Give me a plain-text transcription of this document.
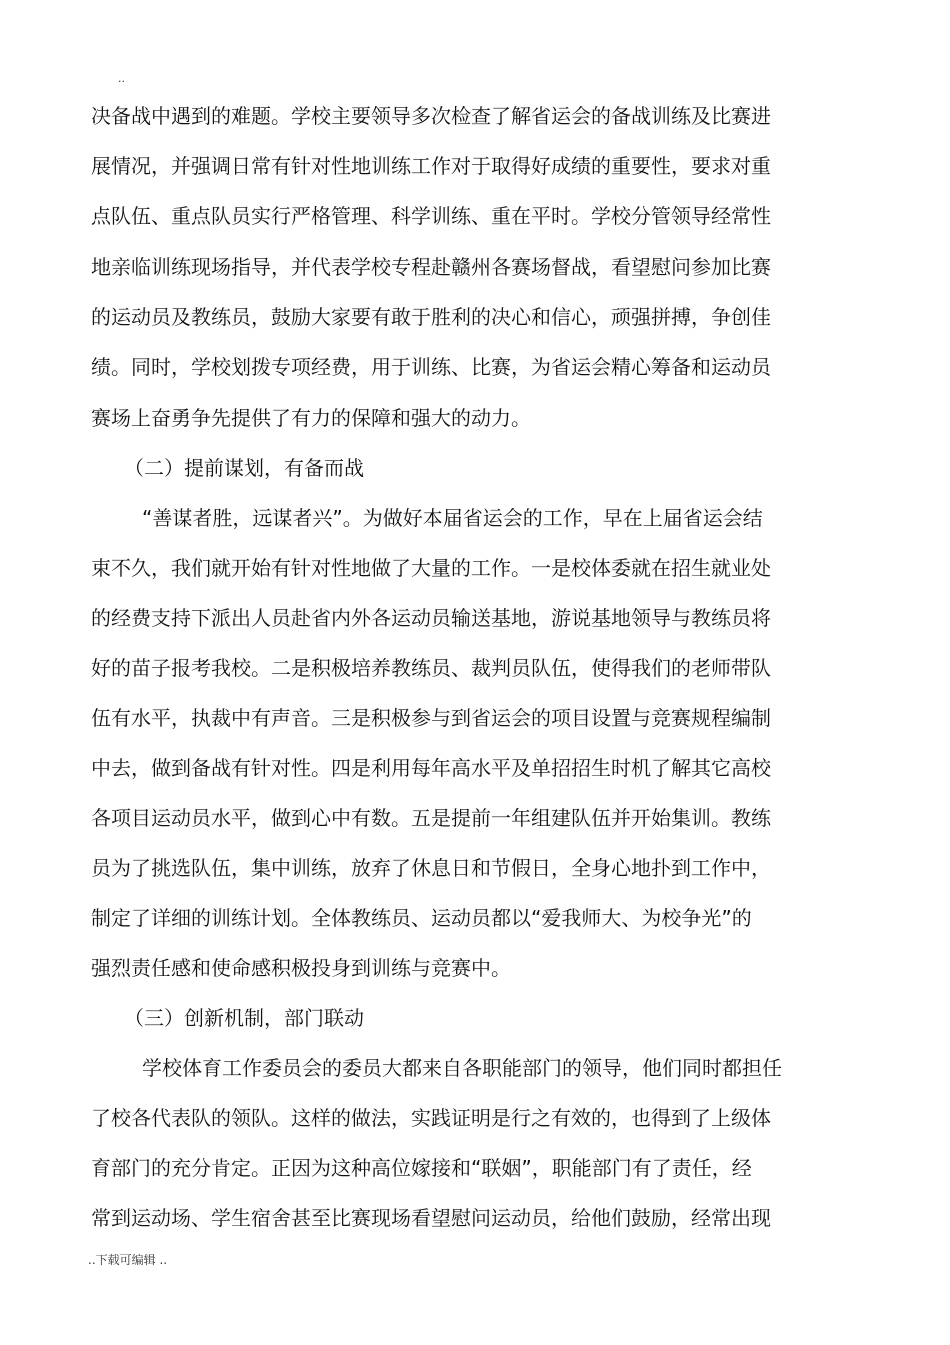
..
决备战中遇到的难题。学校主要领导多次检查了解省运会的备战训练及比赛进
展情况，并强调日常有针对性地训练工作对于取得好成绩的重要性，要求对重
点队伍、重点队员实行严格管理、科学训练、重在平时。学校分管领导经常性
地亲临训练现场指导，并代表学校专程赴赣州各赛场督战，看望慰问参加比赛
的运动员及教练员，鼓励大家要有敢于胜利的决心和信心，顽强拼搏，争创佳
绩。同时，学校划拨专项经费，用于训练、比赛，为省运会精心筹备和运动员
赛场上奋勇争先提供了有力的保障和强大的动力。
（二）提前谋划，有备而战
“善谋者胜，远谋者兴”。为做好本届省运会的工作，早在上届省运会结
束不久，我们就开始有针对性地做了大量的工作。一是校体委就在招生就业处
的经费支持下派出人员赴省内外各运动员输送基地，游说基地领导与教练员将
好的苗子报考我校。二是积极培养教练员、裁判员队伍，使得我们的老师带队
伍有水平，执裁中有声音。三是积极参与到省运会的项目设置与竞赛规程编制
中去，做到备战有针对性。四是利用每年高水平及单招招生时机了解其它高校
各项目运动员水平，做到心中有数。五是提前一年组建队伍并开始集训。教练
员为了挑选队伍，集中训练，放弃了休息日和节假日，全身心地扑到工作中，
制定了详细的训练计划。全体教练员、运动员都以“爱我师大、为校争光”的
强烈责任感和使命感积极投身到训练与竞赛中。
（三）创新机制，部门联动
学校体育工作委员会的委员大都来自各职能部门的领导，他们同时都担任
了校各代表队的领队。这样的做法，实践证明是行之有效的，也得到了上级体
育部门的充分肯定。正因为这种高位嫁接和“联姻”，职能部门有了责任，经
常到运动场、学生宿舍甚至比赛现场看望慰问运动员，给他们鼓励，经常出现
..下载可编辑 ..
